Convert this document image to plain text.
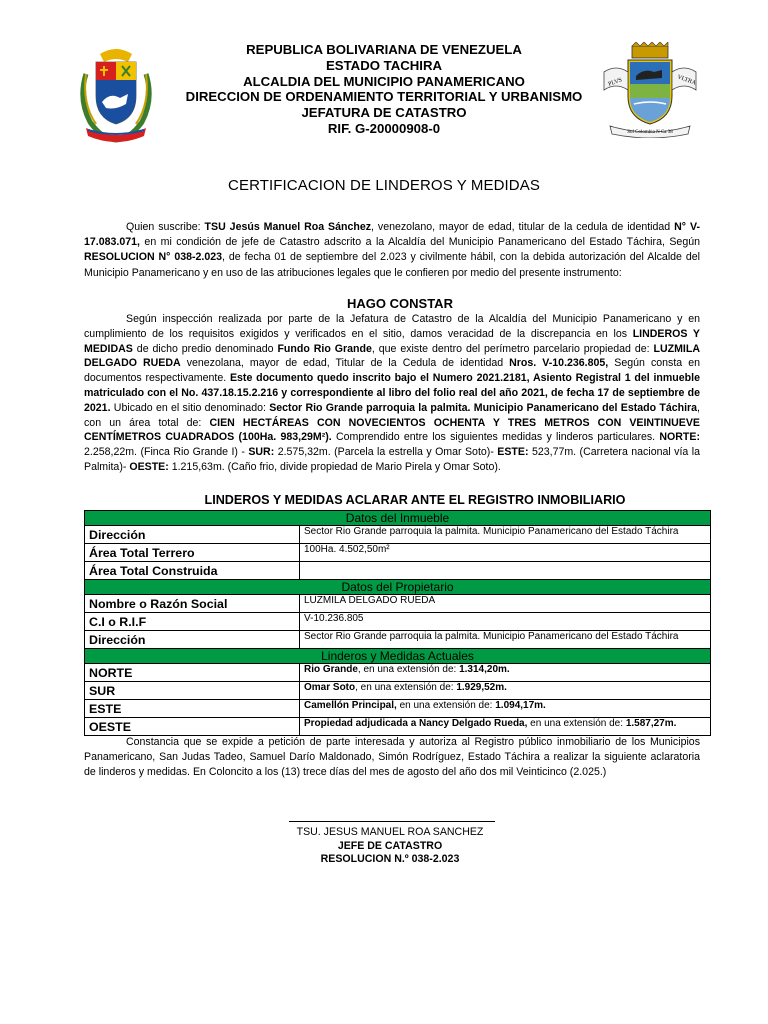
REPUBLICA BOLIVARIANA DE VENEZUELA
ESTADO TACHIRA
ALCALDIA DEL MUNICIPIO PANAMERICANO
DIRECCION DE ORDENAMIENTO TERRITORIAL Y URBANISMO
JEFATURA DE CATASTRO
RIF. G-20000908-0
PLVS	VLTRA
Sol Colombia N Ca 38
CERTIFICACION DE LINDEROS Y MEDIDAS
Quien suscribe: TSU Jesús Manuel Roa Sánchez, venezolano, mayor de edad, titular de la cedula de identidad N° V-17.083.071, en mi condición de jefe de Catastro adscrito a la Alcaldía del Municipio Panamericano del Estado Táchira, Según RESOLUCION N° 038-2.023, de fecha 01 de septiembre del 2.023 y civilmente hábil, con la debida autorización del Alcalde del Municipio Panamericano y en uso de las atribuciones legales que le confieren por medio del presente instrumento:
HAGO CONSTAR
Según inspección realizada por parte de la Jefatura de Catastro de la Alcaldía del Municipio Panamericano y en cumplimiento de los requisitos exigidos y verificados en el sitio, damos veracidad de la discrepancia en los LINDEROS Y MEDIDAS de dicho predio denominado Fundo Rio Grande, que existe dentro del perímetro parcelario propiedad de: LUZMILA DELGADO RUEDA venezolana, mayor de edad, Titular de la Cedula de identidad Nros. V-10.236.805, Según consta en documentos respectivamente. Este documento quedo inscrito bajo el Numero 2021.2181, Asiento Registral 1 del inmueble matriculado con el No. 437.18.15.2.216 y correspondiente al libro del folio real del año 2021, de fecha 17 de septiembre de 2021. Ubicado en el sitio denominado: Sector Rio Grande parroquia la palmita. Municipio Panamericano del Estado Táchira, con un área total de: CIEN HECTÁREAS CON NOVECIENTOS OCHENTA Y TRES METROS CON VEINTINUEVE CENTÍMETROS CUADRADOS (100Ha. 983,29M²). Comprendido entre los siguientes medidas y linderos particulares. NORTE: 2.258,22m. (Finca Rio Grande I) - SUR: 2.575,32m. (Parcela la estrella y Omar Soto)- ESTE: 523,77m. (Carretera nacional vía la Palmita)- OESTE: 1.215,63m. (Caño frio, divide propiedad de Mario Pirela y Omar Soto).
LINDEROS Y MEDIDAS ACLARAR ANTE EL REGISTRO INMOBILIARIO
Datos del Inmueble	
Dirección	Sector Rio Grande parroquia la palmita. Municipio Panamericano del Estado Táchira
Área Total Terrero	100Ha. 4.502,50m²
Área Total Construida	
Datos del Propietario	
Nombre o Razón Social	LUZMILA DELGADO RUEDA
C.I o R.I.F	V-10.236.805
Dirección	Sector Rio Grande parroquia la palmita. Municipio Panamericano del Estado Táchira
Linderos y Medidas Actuales	
NORTE	Rio Grande, en una extensión de: 1.314,20m.
SUR	Omar Soto, en una extensión de: 1.929,52m.
ESTE	Camellón Principal, en una extensión de: 1.094,17m.
OESTE	Propiedad adjudicada a Nancy Delgado Rueda, en una extensión de: 1.587,27m.
Constancia que se expide a petición de parte interesada y autoriza al Registro público inmobiliario de los Municipios Panamericano, San Judas Tadeo, Samuel Darío Maldonado, Simón Rodríguez, Estado Táchira a realizar la siguiente aclaratoria de linderos y medidas. En Coloncito a los (13) trece días del mes de agosto del año dos mil Veinticinco (2.025.)
TSU. JESUS MANUEL ROA SANCHEZ
JEFE DE CATASTRO
RESOLUCION N.º 038-2.023
